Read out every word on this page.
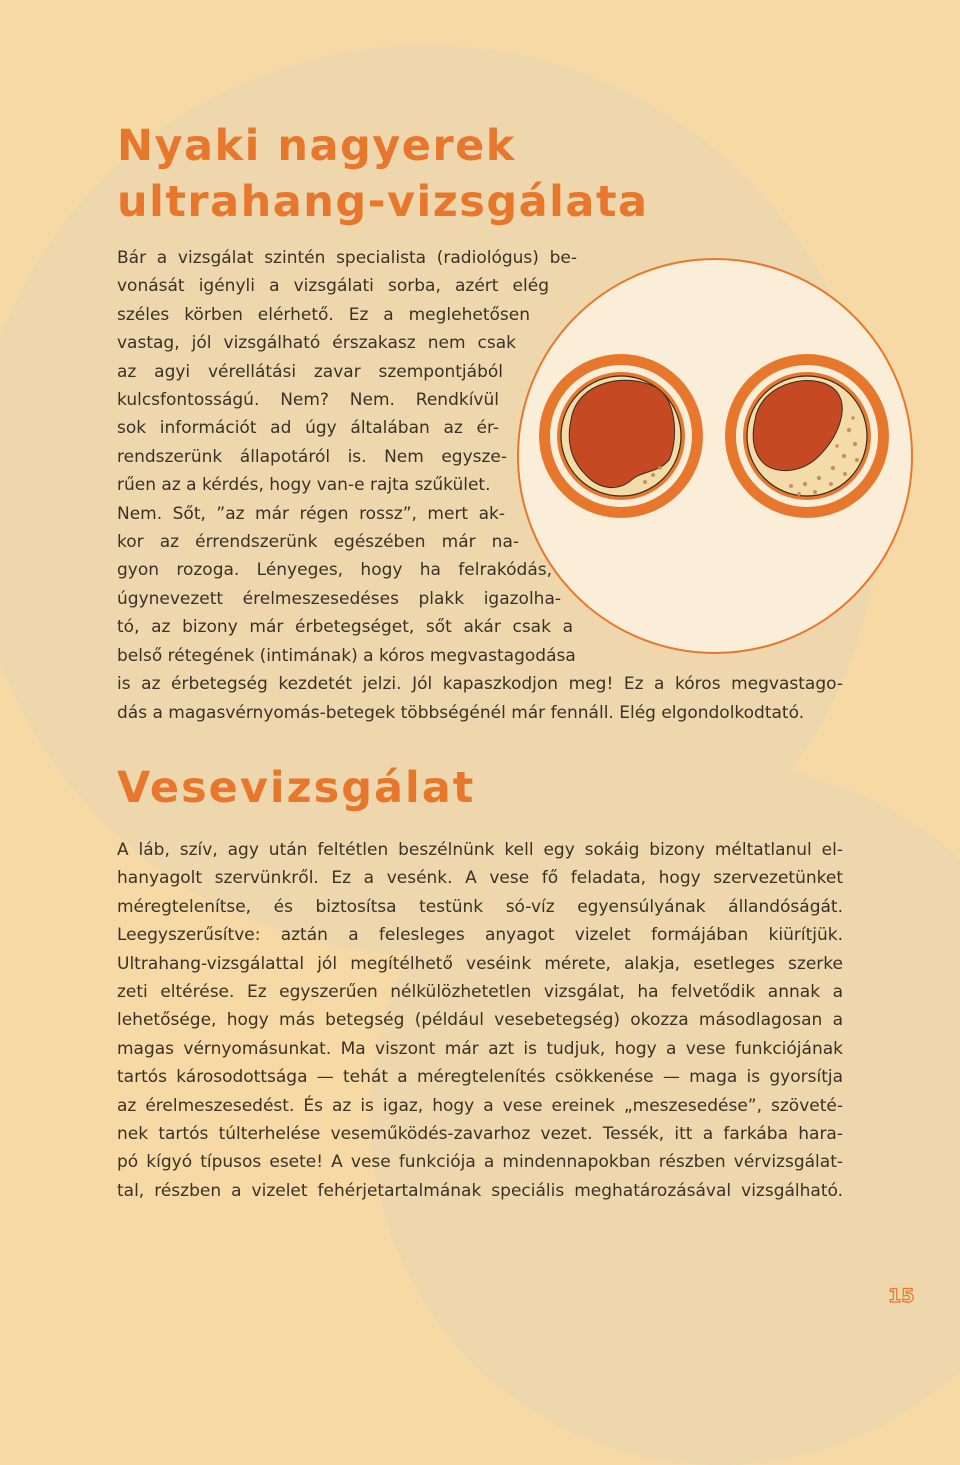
Nyaki nagyerek
ultrahang-vizsgálata
Bár a vizsgálat szintén specialista (radiológus) be-
vonását igényli a vizsgálati sorba, azért elég
széles körben elérhető. Ez a meglehetősen
vastag, jól vizsgálható érszakasz nem csak
az agyi vérellátási zavar szempontjából
kulcsfontosságú. Nem? Nem. Rendkívül
sok információt ad úgy általában az ér-
rendszerünk állapotáról is. Nem egysze-
rűen az a kérdés, hogy van-e rajta szűkület.
Nem. Sőt, ”az már régen rossz”, mert ak-
kor az érrendszerünk egészében már na-
gyon rozoga. Lényeges, hogy ha felrakódás,
úgynevezett érelmeszesedéses plakk igazolha-
tó, az bizony már érbetegséget, sőt akár csak a
belső rétegének (intimának) a kóros megvastagodása
is az érbetegség kezdetét jelzi. Jól kapaszkodjon meg! Ez a kóros megvastago-
dás a magasvérnyomás-betegek többségénél már fennáll. Elég elgondolkodtató.
Vesevizsgálat
A láb, szív, agy után feltétlen beszélnünk kell egy sokáig bizony méltatlanul el-
hanyagolt szervünkről. Ez a vesénk. A vese fő feladata, hogy szervezetünket
méregtelenítse, és biztosítsa testünk só-víz egyensúlyának állandóságát.
Leegyszerűsítve: aztán a felesleges anyagot vizelet formájában kiürítjük.
Ultrahang-vizsgálattal jól megítélhető veséink mérete, alakja, esetleges szerke
zeti eltérése. Ez egyszerűen nélkülözhetetlen vizsgálat, ha felvetődik annak a
lehetősége, hogy más betegség (például vesebetegség) okozza másodlagosan a
magas vérnyomásunkat. Ma viszont már azt is tudjuk, hogy a vese funkciójának
tartós károsodottsága — tehát a méregtelenítés csökkenése — maga is gyorsítja
az érelmeszesedést. És az is igaz, hogy a vese ereinek „meszesedése”, szöveté-
nek tartós túlterhelése veseműködés-zavarhoz vezet. Tessék, itt a farkába hara-
pó kígyó típusos esete! A vese funkciója a mindennapokban részben vérvizsgálat-
tal, részben a vizelet fehérjetartalmának speciális meghatározásával vizsgálható.
15
